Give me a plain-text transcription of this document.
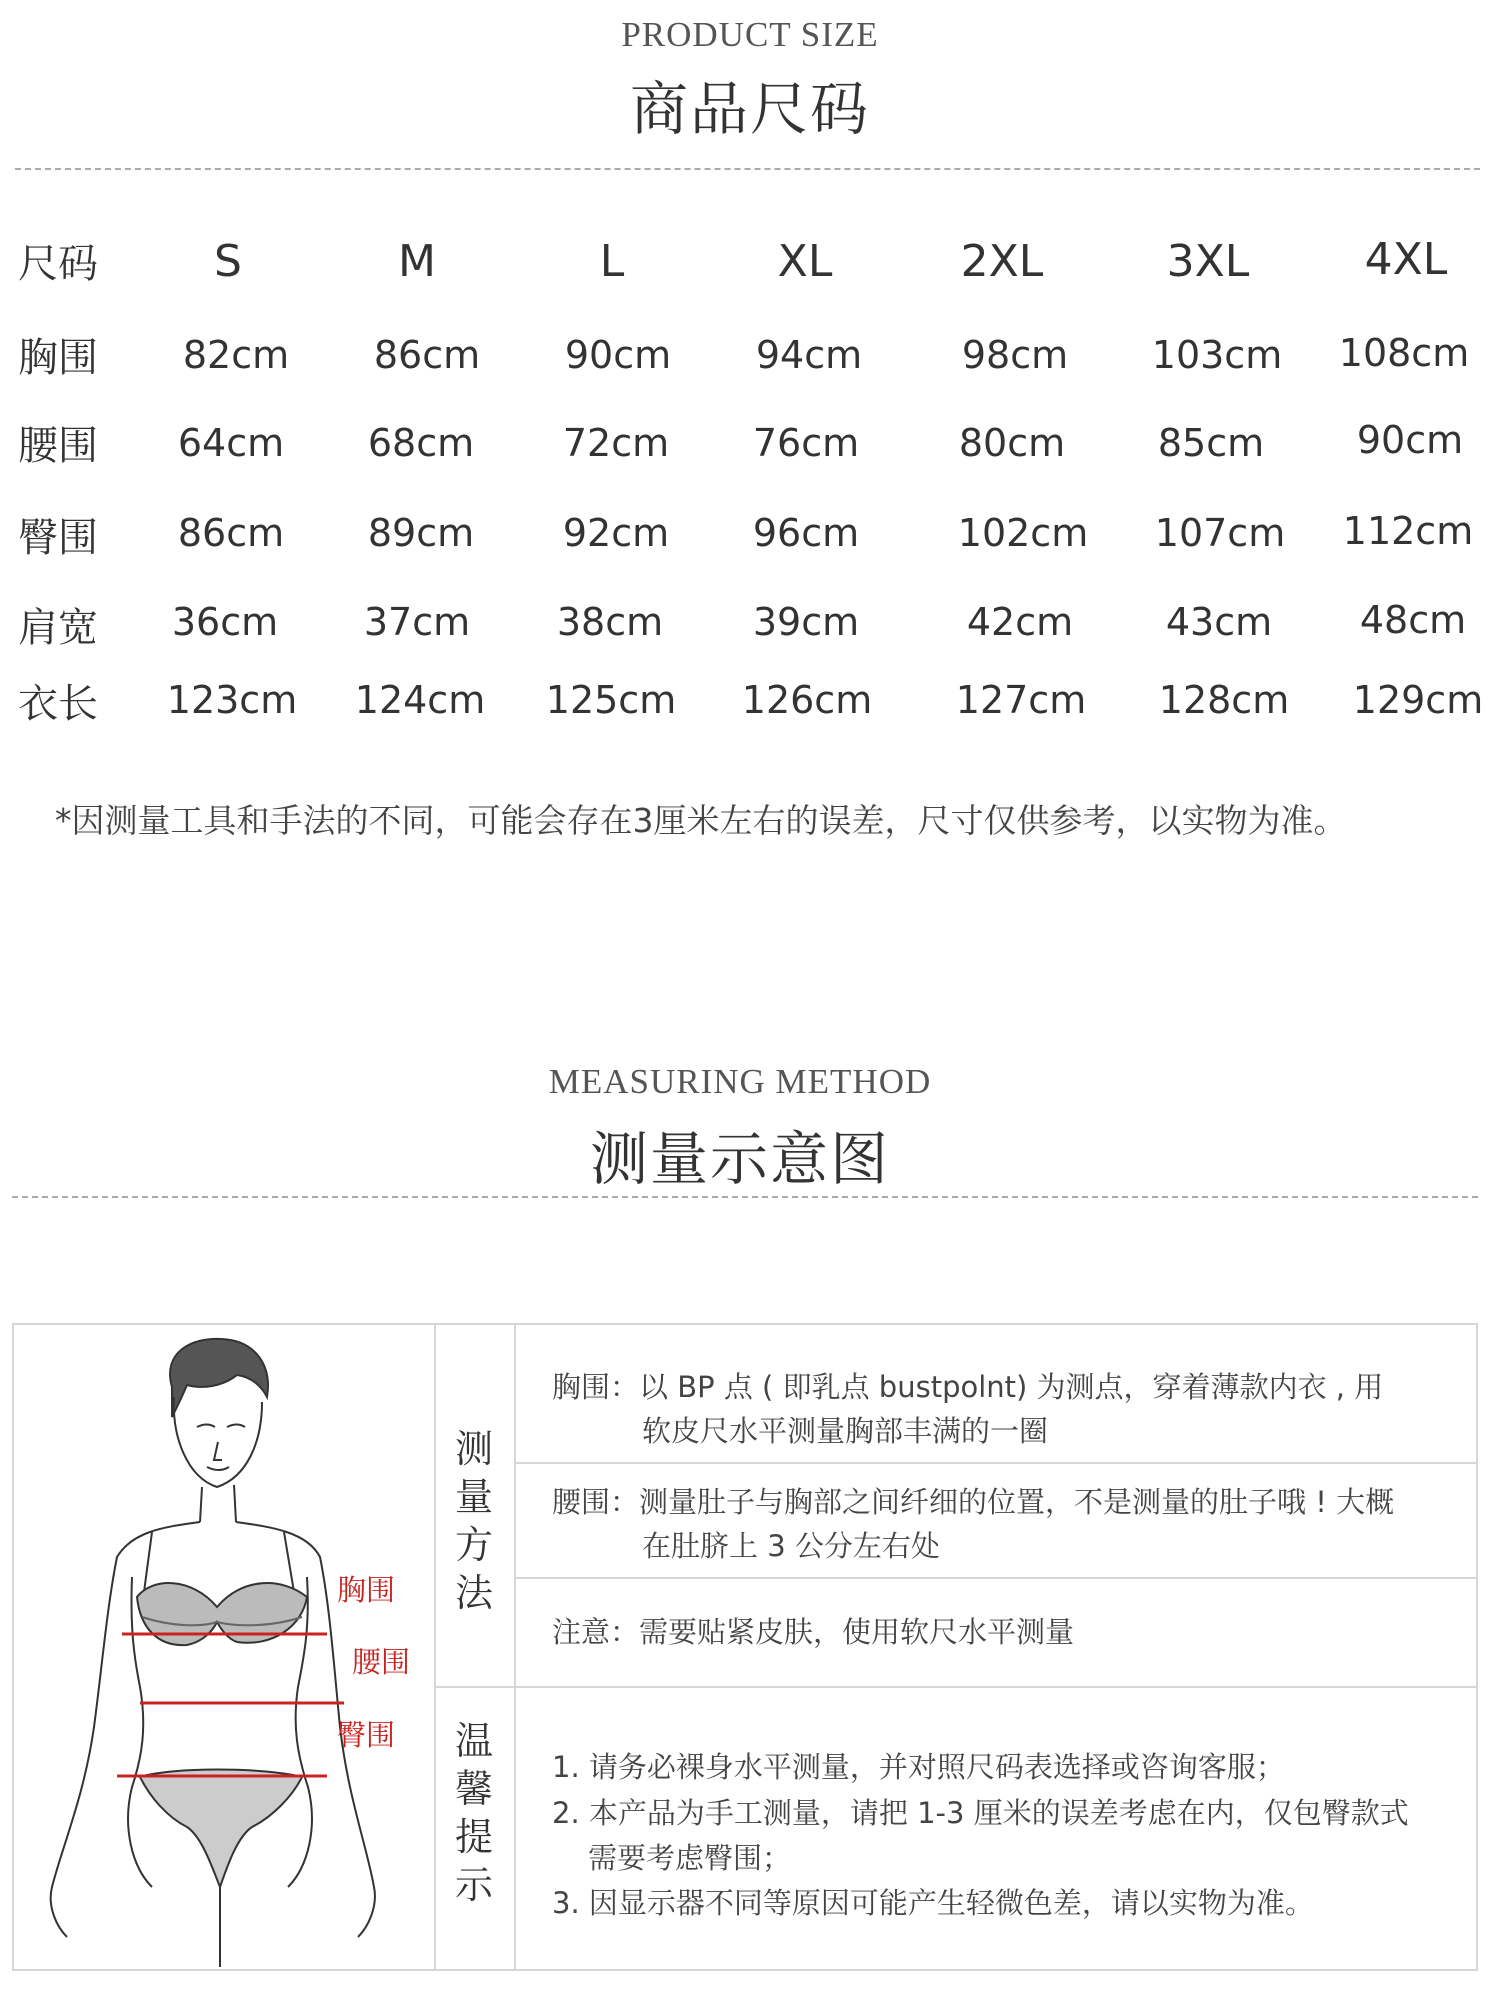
PRODUCT SIZE
商品尺码
尺码	S	M	L	XL	2XL	3XL	4XL
胸围 82cm 86cm 90cm 94cm	98cm 103cm 108cm
腰围 64cm 68cm 72cm 76cm	80cm 85cm 90cm
臀围 86cm 89cm 92cm 96cm	102cm 107cm 112cm
肩宽 36cm 37cm 38cm 39cm	42cm 43cm 48cm
衣长 123cm 124cm 125cm 126cm 127cm 128cm 129cm
*因测量工具和手法的不同，可能会存在3厘米左右的误差，尺寸仅供参考，以实物为准。
MEASURING METHOD
测量示意图
胸围
腰围
臀围
测
量
方
法
温
馨
提
示
胸围：以 BP 点 ( 即乳点 bustpolnt) 为测点，穿着薄款内衣 , 用
软皮尺水平测量胸部丰满的一圈
腰围：测量肚子与胸部之间纤细的位置，不是测量的肚子哦 ! 大概
在肚脐上 3 公分左右处
注意：需要贴紧皮肤，使用软尺水平测量
1. 请务必裸身水平测量，并对照尺码表选择或咨询客服；
2. 本产品为手工测量，请把 1-3 厘米的误差考虑在内，仅包臀款式
需要考虑臀围；
3. 因显示器不同等原因可能产生轻微色差，请以实物为准。
